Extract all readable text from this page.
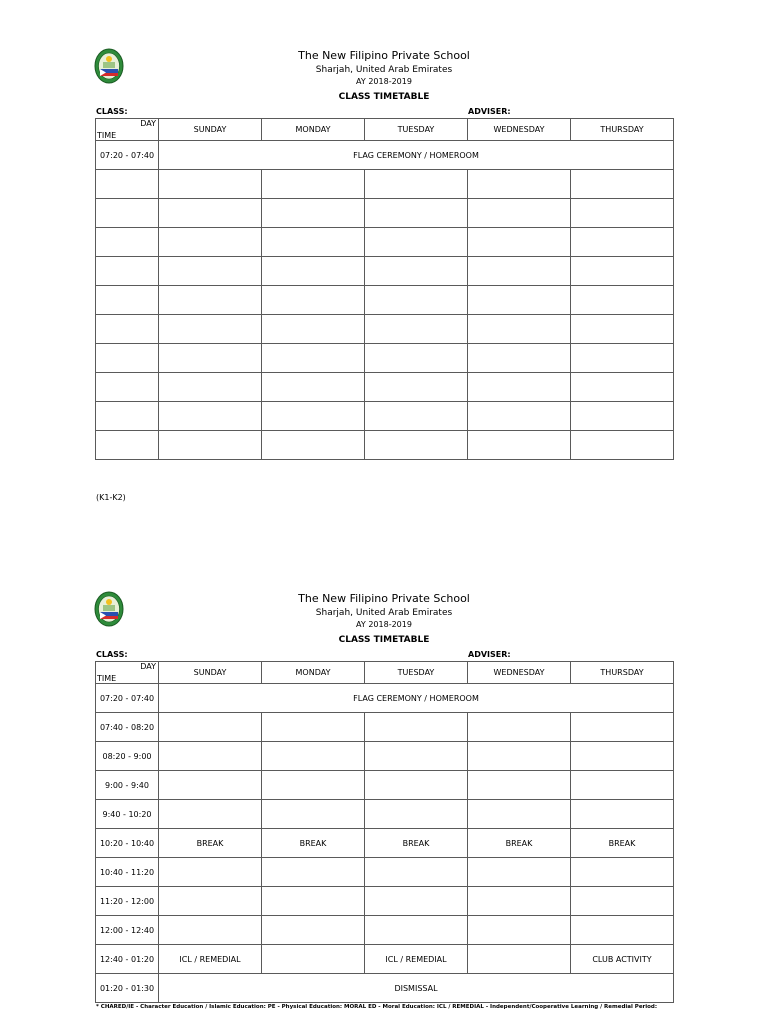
The New Filipino Private School
Sharjah, United Arab Emirates
AY 2018-2019
CLASS TIMETABLE
CLASS:	ADVISER:
DAY
TIME	SUNDAY	MONDAY	TUESDAY	WEDNESDAY	THURSDAY
07:20 - 07:40	FLAG CEREMONY / HOMEROOM				

(K1-K2)
The New Filipino Private School
Sharjah, United Arab Emirates
AY 2018-2019
CLASS TIMETABLE
CLASS:	ADVISER:
DAY
TIME	SUNDAY	MONDAY	TUESDAY	WEDNESDAY	THURSDAY
07:20 - 07:40	FLAG CEREMONY / HOMEROOM				
07:40 - 08:20					
08:20 - 9:00					
9:00 - 9:40					
9:40 - 10:20					
10:20 - 10:40	BREAK	BREAK	BREAK	BREAK	BREAK
10:40 - 11:20					
11:20 - 12:00					
12:00 - 12:40					
12:40 - 01:20	ICL / REMEDIAL		ICL / REMEDIAL		CLUB ACTIVITY
01:20 - 01:30	DISMISSAL				
* CHARED/IE - Character Education / Islamic Education: PE - Physical Education: MORAL ED - Moral Education: ICL / REMEDIAL - Independent/Cooperative Learning / Remedial Period:
